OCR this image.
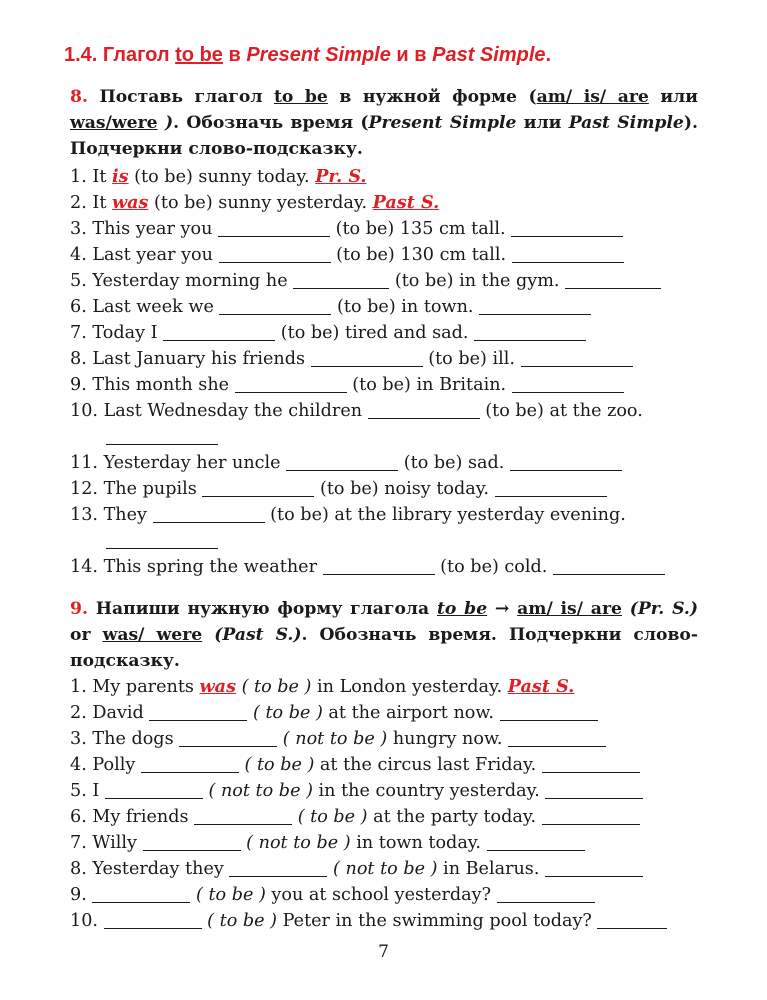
1.4. Глагол to be в Present Simple и в Past Simple.
8. Поставь глагол to be в нужной форме (am/ is/ are или was/were ). Обозначь время (Present Simple или Past Simple). Подчеркни слово-подсказку.
1. It is (to be) sunny today. Pr. S.
2. It was (to be) sunny yesterday. Past S.
3. This year you	(to be) 135 cm tall.
4. Last year you	(to be) 130 cm tall.
5. Yesterday morning he	(to be) in the gym.
6. Last week we	(to be) in town.
7. Today I	(to be) tired and sad.
8. Last January his friends	(to be) ill.
9. This month she	(to be) in Britain.
10. Last Wednesday the children	(to be) at the zoo.
11. Yesterday her uncle	(to be) sad.
12. The pupils	(to be) noisy today.
13. They	(to be) at the library yesterday evening.
14. This spring the weather	(to be) cold.
9. Напиши нужную форму глагола to be → am/ is/ are (Pr. S.) or was/ were (Past S.). Обозначь время. Подчеркни слово-подсказку.
1. My parents was ( to be ) in London yesterday. Past S.
2. David	( to be ) at the airport now.
3. The dogs	( not to be ) hungry now.
4. Polly	( to be ) at the circus last Friday.
5. I	( not to be ) in the country yesterday.
6. My friends	( to be ) at the party today.
7. Willy	( not to be ) in town today.
8. Yesterday they	( not to be ) in Belarus.
9.	( to be ) you at school yesterday?
10.	( to be ) Peter in the swimming pool today?
7
